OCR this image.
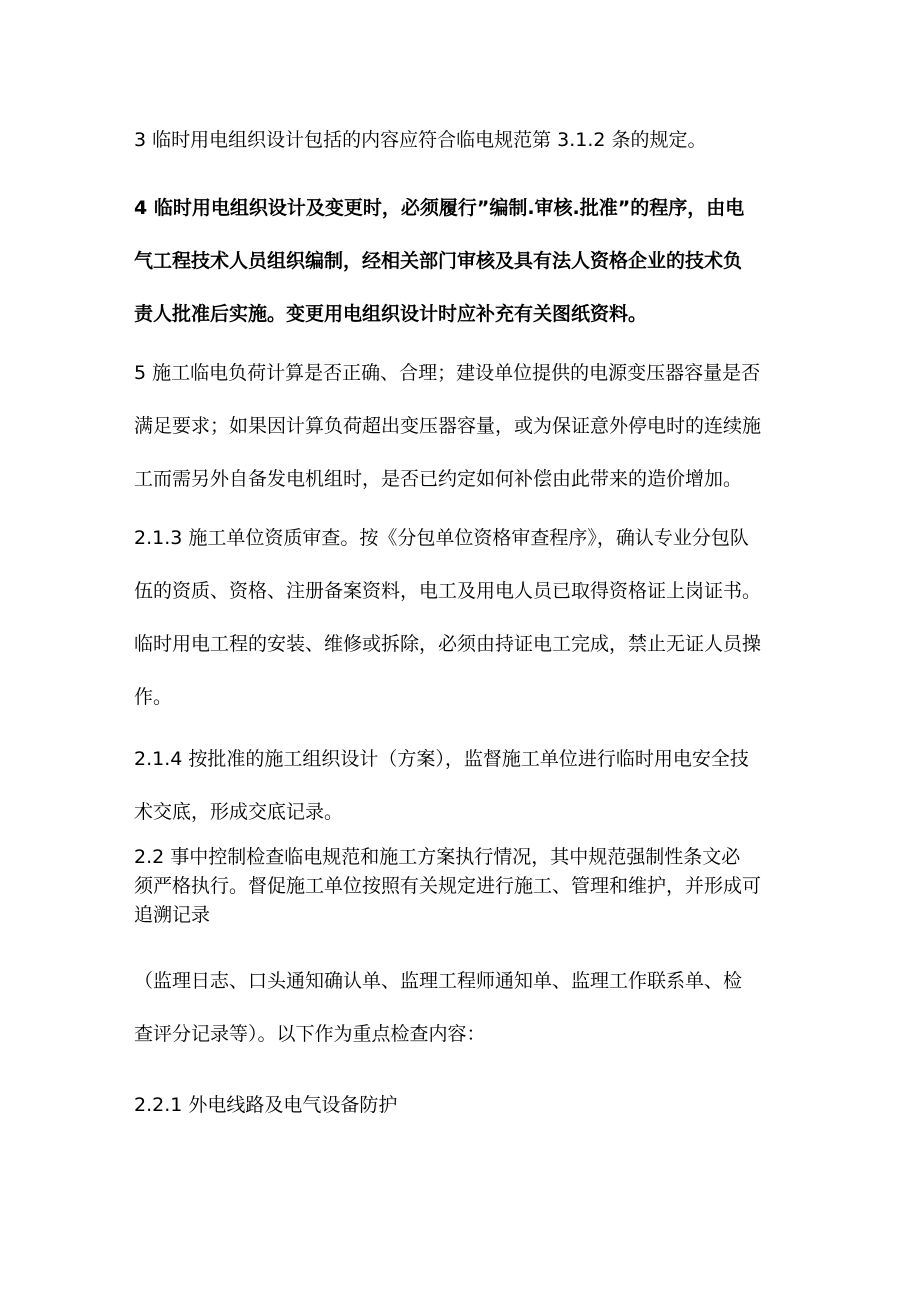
3 临时用电组织设计包括的内容应符合临电规范第 3.1.2 条的规定。

4 临时用电组织设计及变更时，必须履行”编制.审核.批准”的程序，由电
气工程技术人员组织编制，经相关部门审核及具有法人资格企业的技术负
责人批准后实施。变更用电组织设计时应补充有关图纸资料。

5 施工临电负荷计算是否正确、合理；建设单位提供的电源变压器容量是否
满足要求；如果因计算负荷超出变压器容量，或为保证意外停电时的连续施
工而需另外自备发电机组时，是否已约定如何补偿由此带来的造价增加。

2.1.3 施工单位资质审查。按《分包单位资格审查程序》，确认专业分包队
伍的资质、资格、注册备案资料，电工及用电人员已取得资格证上岗证书。
临时用电工程的安装、维修或拆除，必须由持证电工完成，禁止无证人员操
作。

2.1.4 按批准的施工组织设计（方案），监督施工单位进行临时用电安全技
术交底，形成交底记录。

2.2 事中控制检查临电规范和施工方案执行情况，其中规范强制性条文必
须严格执行。督促施工单位按照有关规定进行施工、管理和维护，并形成可
追溯记录

（监理日志、口头通知确认单、监理工程师通知单、监理工作联系单、检
查评分记录等）。以下作为重点检查内容：

2.2.1 外电线路及电气设备防护
